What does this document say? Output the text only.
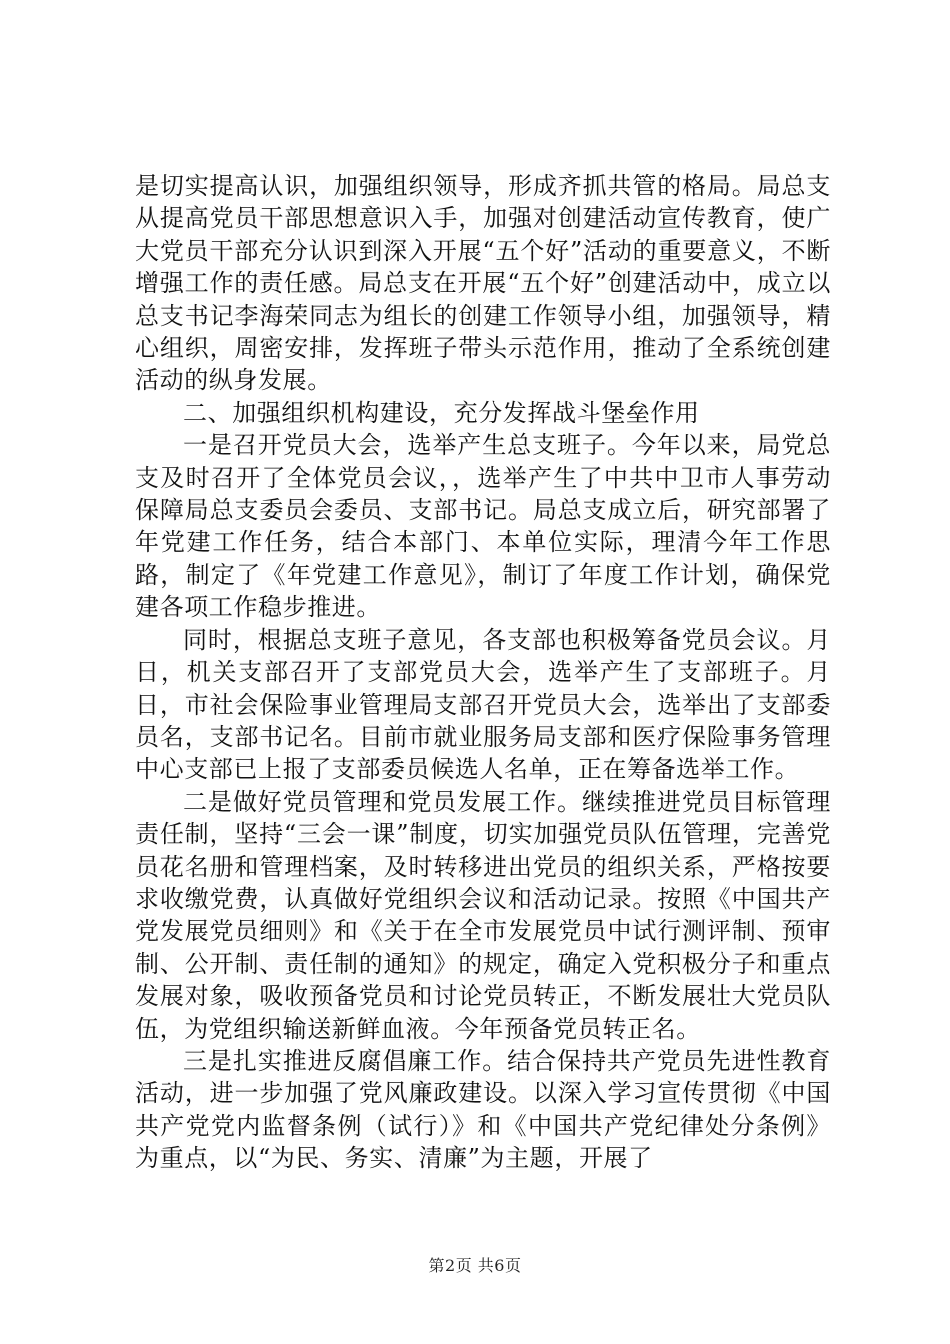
是切实提高认识，加强组织领导，形成齐抓共管的格局。局总支从提高党员干部思想意识入手，加强对创建活动宣传教育，使广大党员干部充分认识到深入开展“五个好”活动的重要意义，不断增强工作的责任感。局总支在开展“五个好”创建活动中，成立以总支书记李海荣同志为组长的创建工作领导小组，加强领导，精心组织，周密安排，发挥班子带头示范作用，推动了全系统创建活动的纵身发展。

二、加强组织机构建设，充分发挥战斗堡垒作用

一是召开党员大会，选举产生总支班子。今年以来，局党总支及时召开了全体党员会议，，选举产生了中共中卫市人事劳动保障局总支委员会委员、支部书记。局总支成立后，研究部署了年党建工作任务，结合本部门、本单位实际，理清今年工作思路，制定了《年党建工作意见》，制订了年度工作计划，确保党建各项工作稳步推进。

同时，根据总支班子意见，各支部也积极筹备党员会议。月日，机关支部召开了支部党员大会，选举产生了支部班子。月日，市社会保险事业管理局支部召开党员大会，选举出了支部委员名，支部书记名。目前市就业服务局支部和医疗保险事务管理中心支部已上报了支部委员候选人名单，正在筹备选举工作。

二是做好党员管理和党员发展工作。继续推进党员目标管理责任制，坚持“三会一课”制度，切实加强党员队伍管理，完善党员花名册和管理档案，及时转移进出党员的组织关系，严格按要求收缴党费，认真做好党组织会议和活动记录。按照《中国共产党发展党员细则》和《关于在全市发展党员中试行测评制、预审制、公开制、责任制的通知》的规定，确定入党积极分子和重点发展对象，吸收预备党员和讨论党员转正，不断发展壮大党员队伍，为党组织输送新鲜血液。今年预备党员转正名。

三是扎实推进反腐倡廉工作。结合保持共产党员先进性教育活动，进一步加强了党风廉政建设。以深入学习宣传贯彻《中国共产党党内监督条例（试行）》和《中国共产党纪律处分条例》为重点，以“为民、务实、清廉”为主题，开展了

第2页 共6页
